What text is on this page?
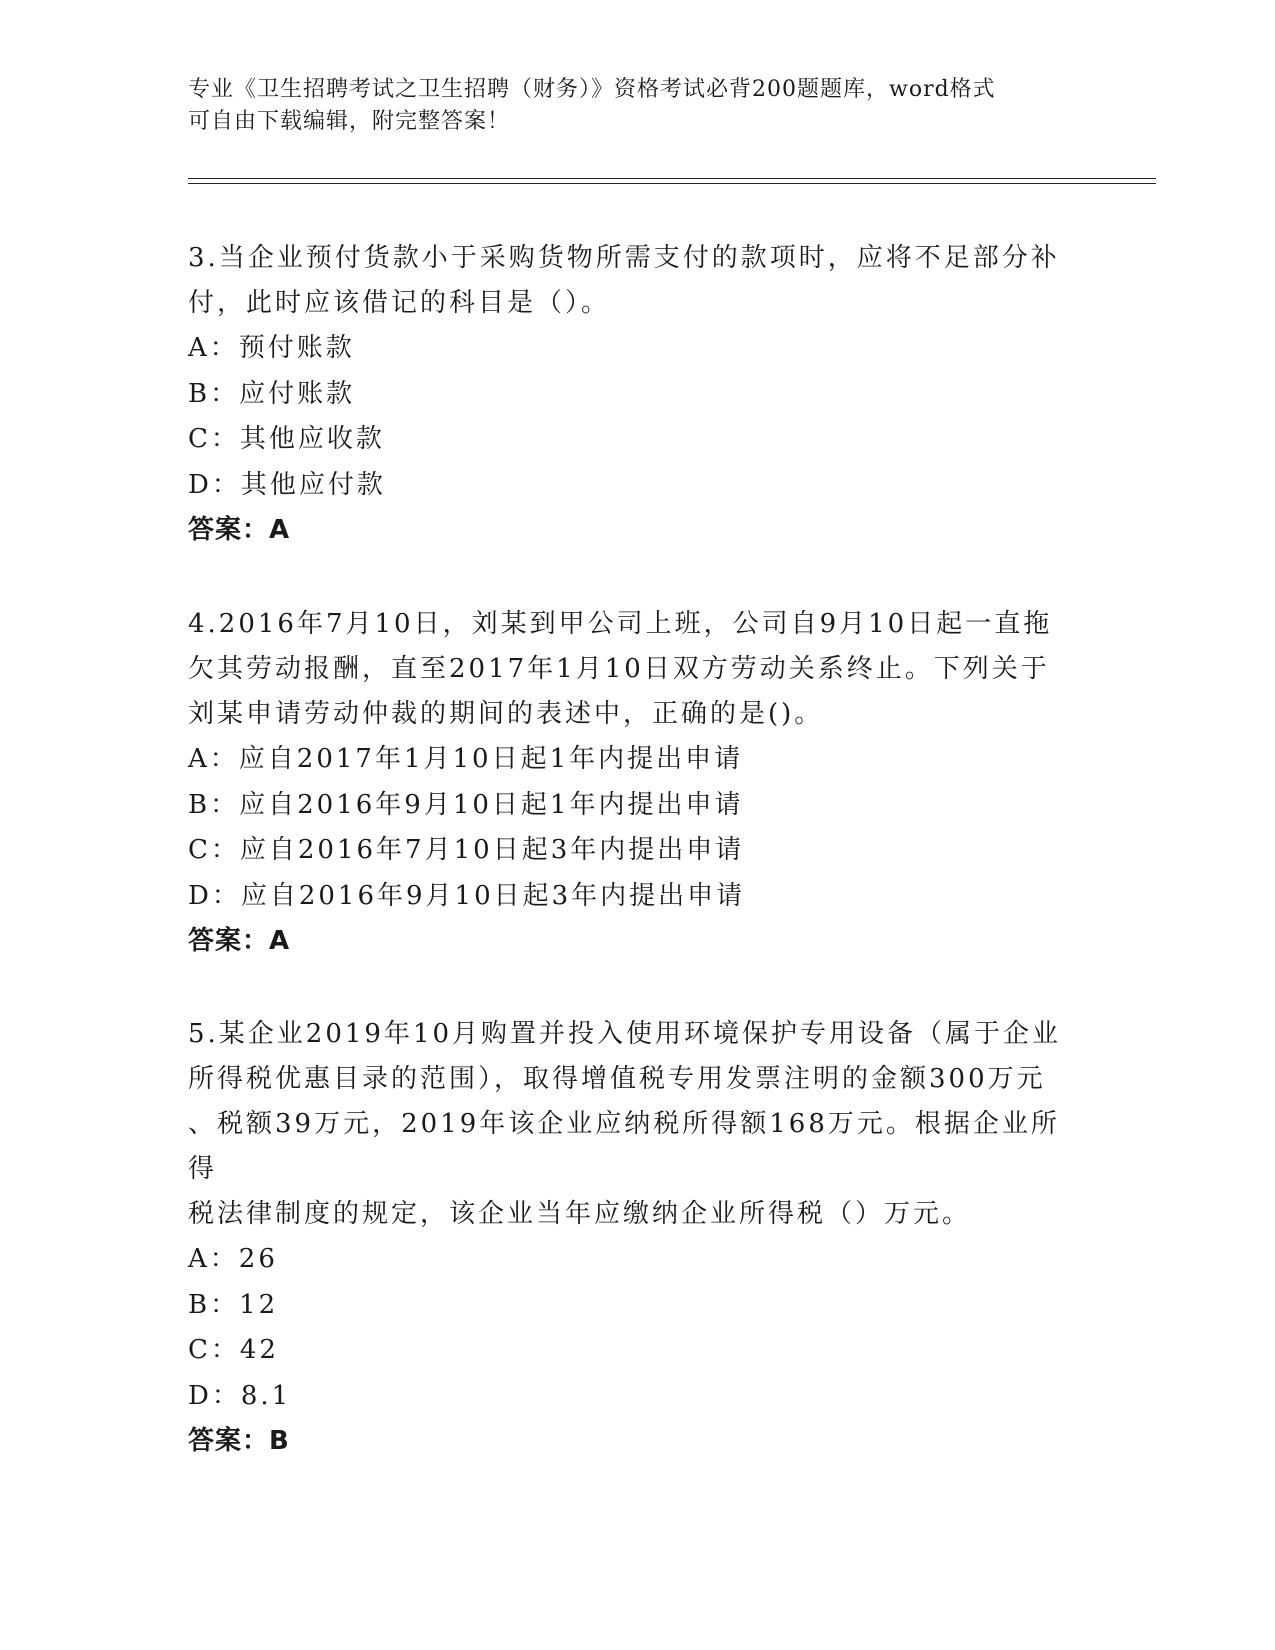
专业《卫生招聘考试之卫生招聘（财务）》资格考试必背200题题库，word格式
可自由下载编辑，附完整答案！
3.当企业预付货款小于采购货物所需支付的款项时，应将不足部分补
付，此时应该借记的科目是（）。
A：预付账款
B：应付账款
C：其他应收款
D：其他应付款
答案：A
4.2016年7月10日，刘某到甲公司上班，公司自9月10日起一直拖
欠其劳动报酬，直至2017年1月10日双方劳动关系终止。下列关于
刘某申请劳动仲裁的期间的表述中，正确的是()。
A：应自2017年1月10日起1年内提出申请
B：应自2016年9月10日起1年内提出申请
C：应自2016年7月10日起3年内提出申请
D：应自2016年9月10日起3年内提出申请
答案：A
5.某企业2019年10月购置并投入使用环境保护专用设备（属于企业
所得税优惠目录的范围），取得增值税专用发票注明的金额300万元
、税额39万元，2019年该企业应纳税所得额168万元。根据企业所得
税法律制度的规定，该企业当年应缴纳企业所得税（）万元。
A：26
B：12
C：42
D：8.1
答案：B
